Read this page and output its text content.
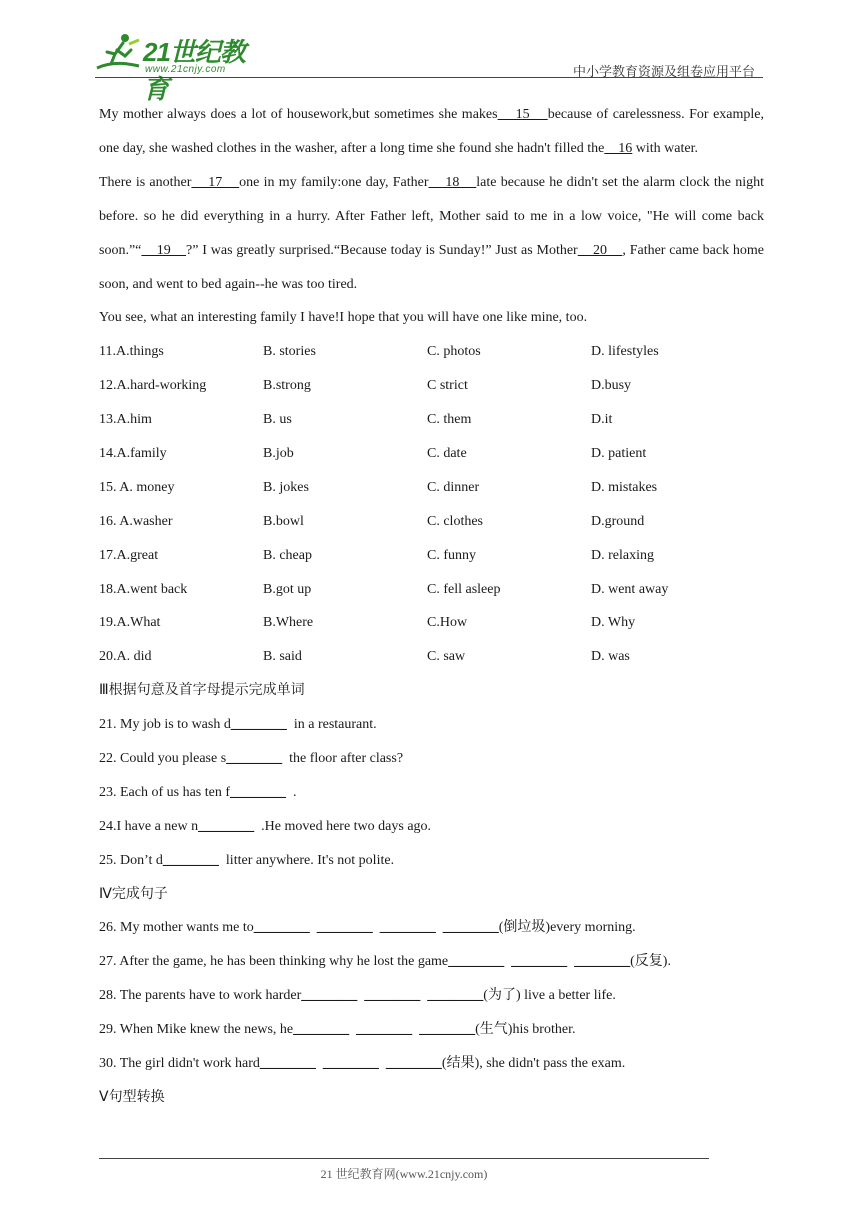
21世纪教育
www.21cnjy.com	中小学教育资源及组卷应用平台

My mother always does a lot of housework,but sometimes she makes    15    because of carelessness. For example, one day, she washed clothes in the washer, after a long time she found she hadn't filled the    16 with water.

There is another    17    one in my family:one day, Father    18    late because he didn't set the alarm clock the night before. so he did everything in a hurry. After Father left, Mother said to me in a low voice, "He will come back soon.”“    19    ?” I was greatly surprised.“Because today is Sunday!” Just as Mother    20    , Father came back home soon, and went to bed again--he was too tired.

You see, what an interesting family I have!I hope that you will have one like mine, too.

11.A.things	B. stories	C. photos	D. lifestyles
12.A.hard-working	B.strong	C strict	D.busy
13.A.him	B. us	C. them	D.it
14.A.family	B.job	C. date	D. patient
15. A. money	B. jokes	C. dinner	D. mistakes
16. A.washer	B.bowl	C. clothes	D.ground
17.A.great	B. cheap	C. funny	D. relaxing
18.A.went back	B.got up	C. fell asleep	D. went away
19.A.What	B.Where	C.How	D. Why
20.A. did	B. said	C. saw	D. was
Ⅲ根据句意及首字母提示完成单词
21. My job is to wash d________  in a restaurant.
22. Could you please s________  the floor after class?
23. Each of us has ten f________  .
24.I have a new n________  .He moved here two days ago.
25. Don’t d________  litter anywhere. It's not polite.
Ⅳ完成句子
26. My mother wants me to________ ________ ________ ________(倒垃圾)every morning.
27. After the game, he has been thinking why he lost the game________ ________ ________(反复).
28. The parents have to work harder________ ________ ________(为了) live a better life.
29. When Mike knew the news, he________ ________ ________(生气)his brother.
30. The girl didn't work hard________ ________ ________(结果), she didn't pass the exam.
Ⅴ句型转换
21 世纪教育网(www.21cnjy.com)
